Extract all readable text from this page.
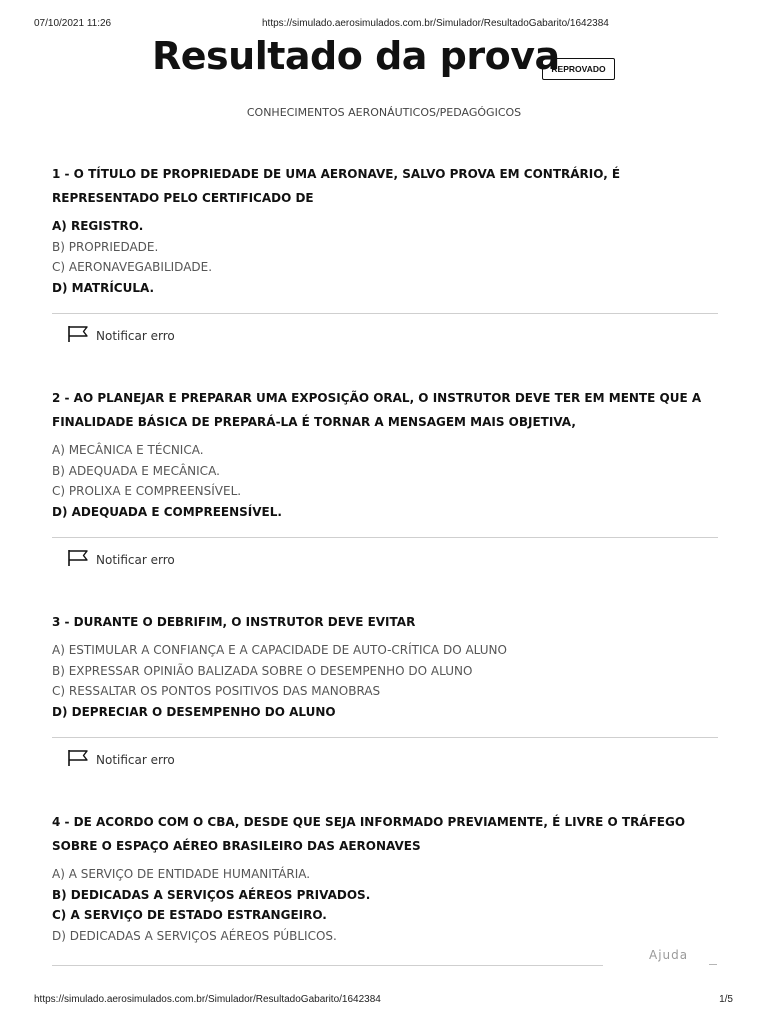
07/10/2021 11:26	https://simulado.aerosimulados.com.br/Simulador/ResultadoGabarito/1642384
Resultado da prova
REPROVADO
CONHECIMENTOS AERONÁUTICOS/PEDAGÓGICOS

1 - O TÍTULO DE PROPRIEDADE DE UMA AERONAVE, SALVO PROVA EM CONTRÁRIO, É REPRESENTADO PELO CERTIFICADO DE

A) REGISTRO.
B) PROPRIEDADE.
C) AERONAVEGABILIDADE.
D) MATRÍCULA.
Notificar erro

2 - AO PLANEJAR E PREPARAR UMA EXPOSIÇÃO ORAL, O INSTRUTOR DEVE TER EM MENTE QUE A FINALIDADE BÁSICA DE PREPARÁ-LA É TORNAR A MENSAGEM MAIS OBJETIVA,

A) MECÂNICA E TÉCNICA.
B) ADEQUADA E MECÂNICA.
C) PROLIXA E COMPREENSÍVEL.
D) ADEQUADA E COMPREENSÍVEL.
Notificar erro

3 - DURANTE O DEBRIFIM, O INSTRUTOR DEVE EVITAR

A) ESTIMULAR A CONFIANÇA E A CAPACIDADE DE AUTO-CRÍTICA DO ALUNO
B) EXPRESSAR OPINIÃO BALIZADA SOBRE O DESEMPENHO DO ALUNO
C) RESSALTAR OS PONTOS POSITIVOS DAS MANOBRAS
D) DEPRECIAR O DESEMPENHO DO ALUNO
Notificar erro

4 - DE ACORDO COM O CBA, DESDE QUE SEJA INFORMADO PREVIAMENTE, É LIVRE O TRÁFEGO SOBRE O ESPAÇO AÉREO BRASILEIRO DAS AERONAVES

A) A SERVIÇO DE ENTIDADE HUMANITÁRIA.
B) DEDICADAS A SERVIÇOS AÉREOS PRIVADOS.
C) A SERVIÇO DE ESTADO ESTRANGEIRO.
D) DEDICADAS A SERVIÇOS AÉREOS PÚBLICOS.
Ajuda
https://simulado.aerosimulados.com.br/Simulador/ResultadoGabarito/1642384	1/5
